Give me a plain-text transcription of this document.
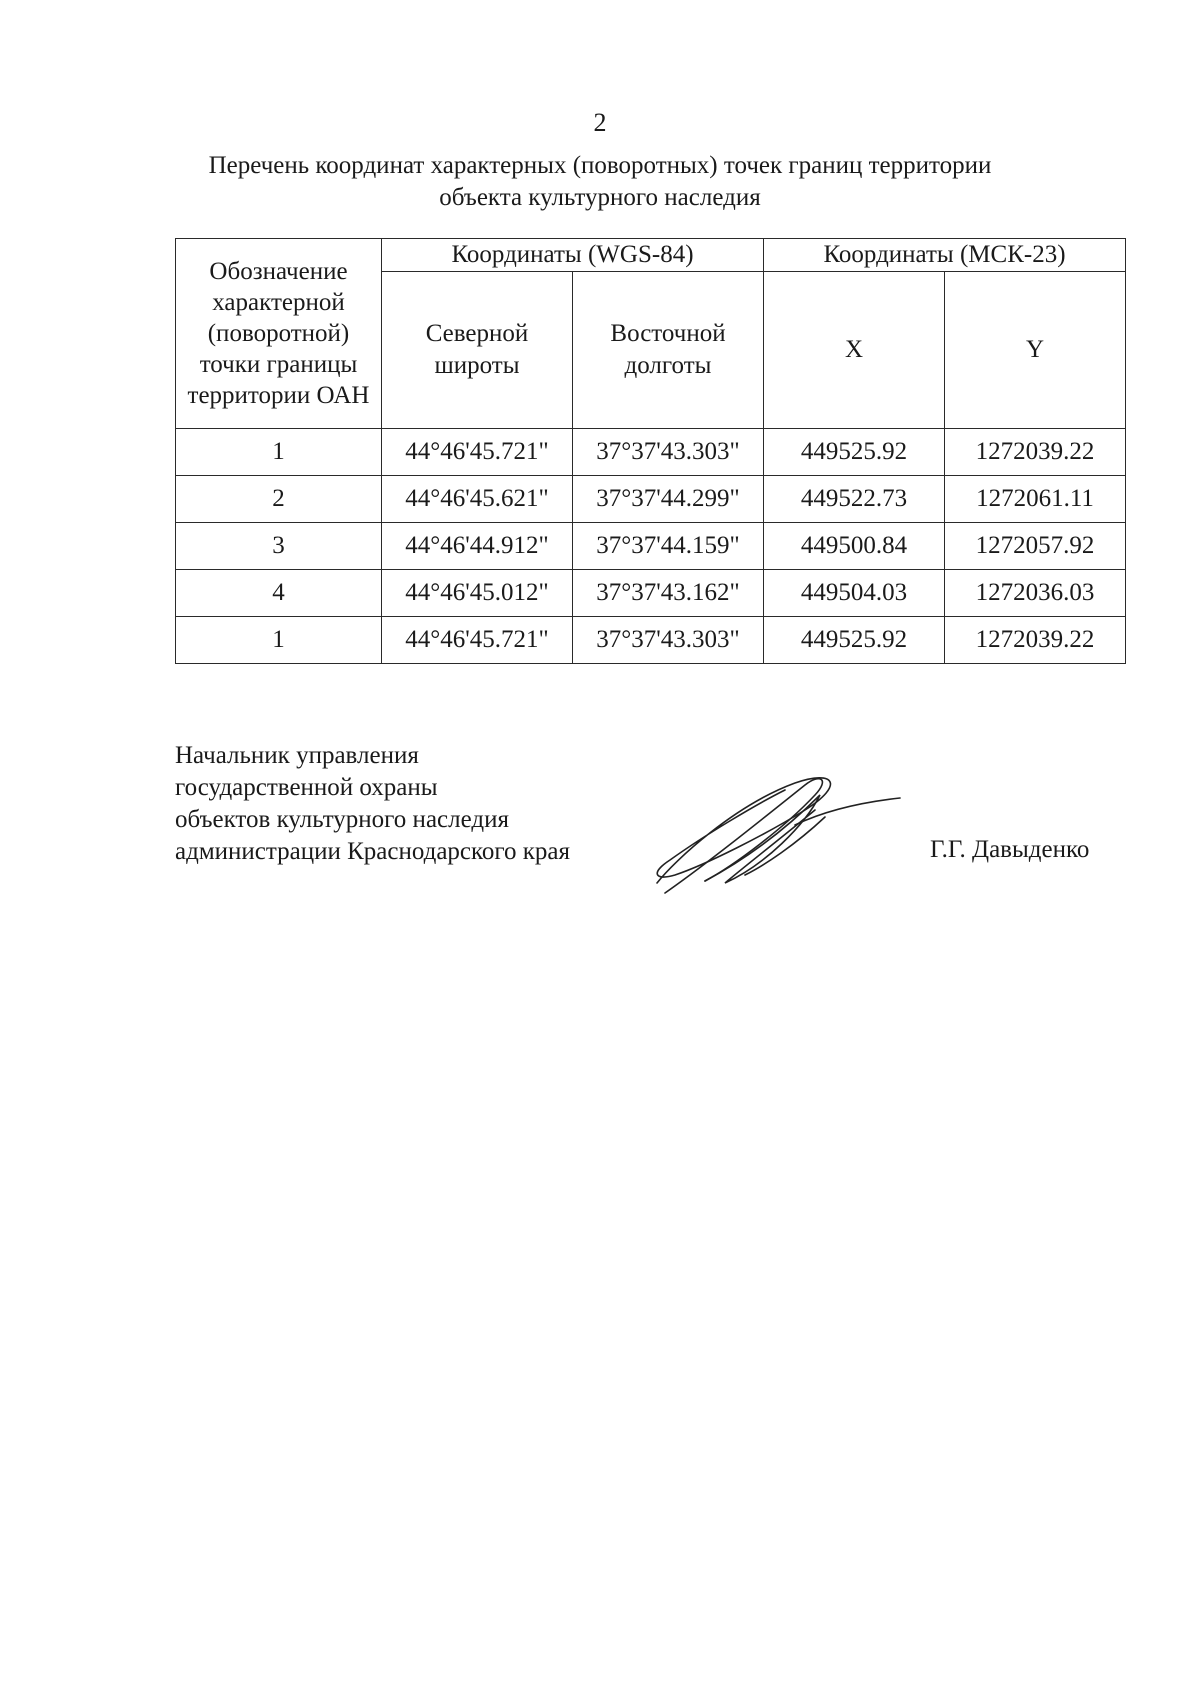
2
Перечень координат характерных (поворотных) точек границ территории
объекта культурного наследия
Обозначение характерной (поворотной) точки границы территории ОАН	Координаты (WGS-84)		Координаты (МСК-23)	
	Северной широты	Восточной долготы	X	Y
1	44°46'45.721"	37°37'43.303"	449525.92	1272039.22
2	44°46'45.621"	37°37'44.299"	449522.73	1272061.11
3	44°46'44.912"	37°37'44.159"	449500.84	1272057.92
4	44°46'45.012"	37°37'43.162"	449504.03	1272036.03
1	44°46'45.721"	37°37'43.303"	449525.92	1272039.22
Начальник управления
государственной охраны
объектов культурного наследия
администрации Краснодарского края	Г.Г. Давыденко
